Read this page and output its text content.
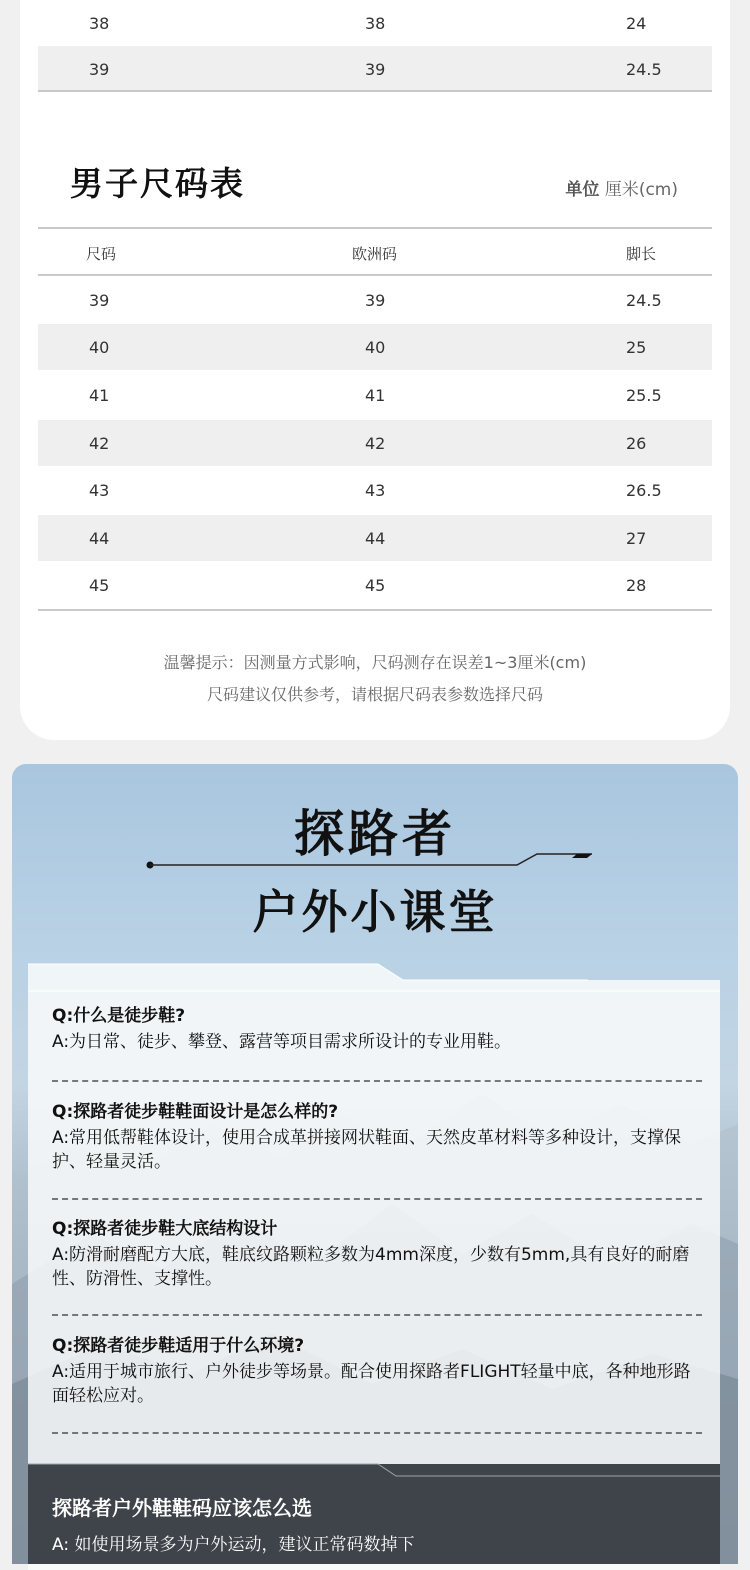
38	38	24
39	39	24.5
男子尺码表	单位 厘米(cm)
尺码	欧洲码	脚长
39	39	24.5
40	40	25
41	41	25.5
42	42	26
43	43	26.5
44	44	27
45	45	28
温馨提示：因测量方式影响，尺码测存在误差1~3厘米(cm)
尺码建议仅供参考，请根据尺码表参数选择尺码
探路者
户外小课堂
Q:什么是徒步鞋?
A:为日常、徒步、攀登、露营等项目需求所设计的专业用鞋。
Q:探路者徒步鞋鞋面设计是怎么样的?
A:常用低帮鞋体设计，使用合成革拼接网状鞋面、天然皮革材料等多种设计，支撑保护、轻量灵活。
Q:探路者徒步鞋大底结构设计
A:防滑耐磨配方大底，鞋底纹路颗粒多数为4mm深度，少数有5mm,具有良好的耐磨性、防滑性、支撑性。
Q:探路者徒步鞋适用于什么环境?
A:适用于城市旅行、户外徒步等场景。配合使用探路者FLIGHT轻量中底，各种地形路面轻松应对。
探路者户外鞋鞋码应该怎么选
A: 如使用场景多为户外运动，建议正常码数掉下
